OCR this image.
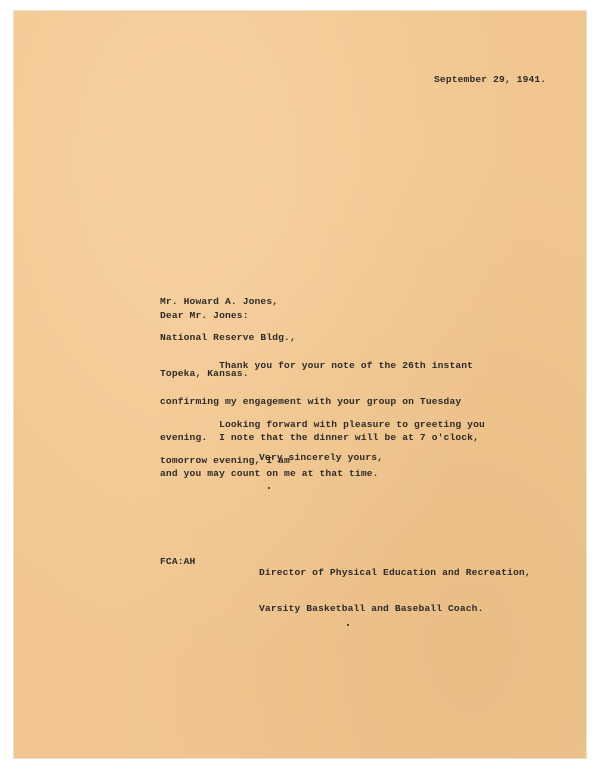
September 29, 1941.

Mr. Howard A. Jones,

National Reserve Bldg.,

Topeka, Kansas.

Dear Mr. Jones:

Thank you for your note of the 26th instant

confirming my engagement with your group on Tuesday

evening.  I note that the dinner will be at 7 o'clock,

and you may count on me at that time.

Looking forward with pleasure to greeting you

tomorrow evening, I am

Very sincerely yours,

Director of Physical Education and Recreation,

Varsity Basketball and Baseball Coach.

FCA:AH
